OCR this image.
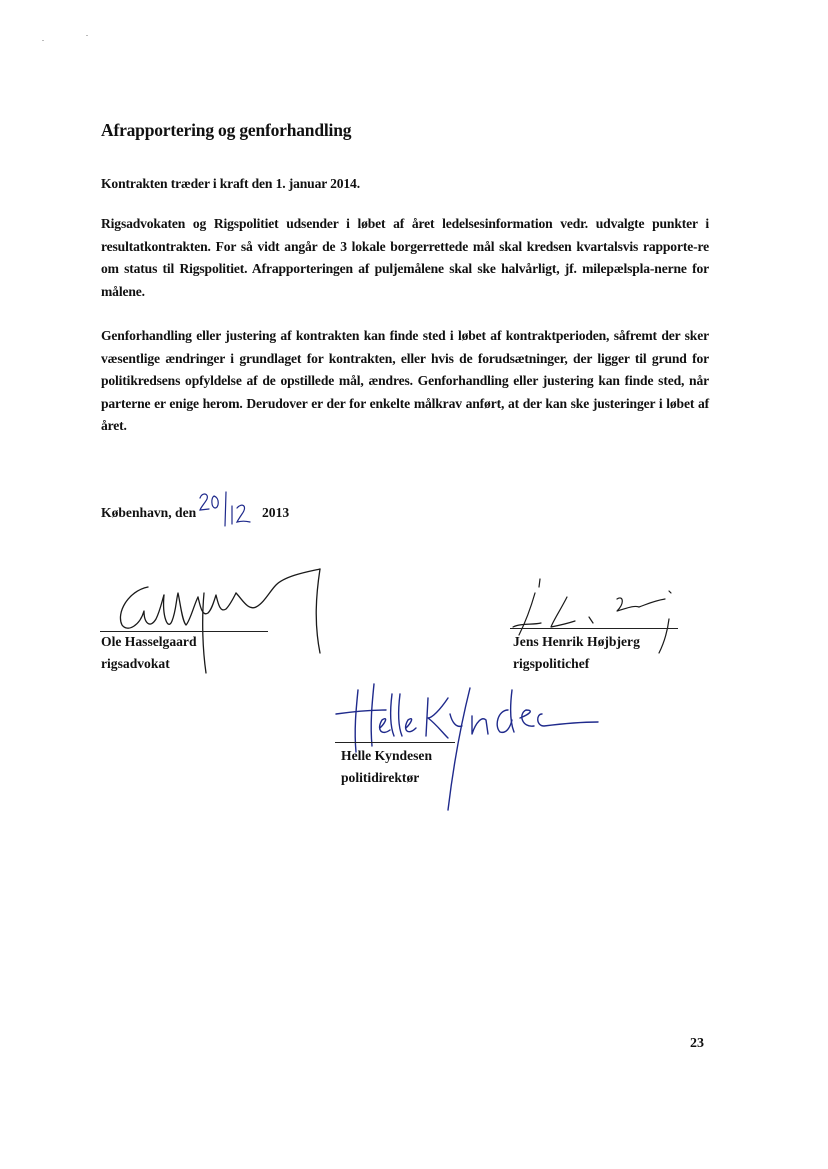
Afrapportering og genforhandling

Kontrakten træder i kraft den 1. januar 2014.

Rigsadvokaten og Rigspolitiet udsender i løbet af året ledelsesinformation vedr. udvalgte punkter i resultatkontrakten. For så vidt angår de 3 lokale borgerrettede mål skal kredsen kvartalsvis rapporte-re om status til Rigspolitiet. Afrapporteringen af puljemålene skal ske halvårligt, jf. milepælspla-nerne for målene.

Genforhandling eller justering af kontrakten kan finde sted i løbet af kontraktperioden, såfremt der sker væsentlige ændringer i grundlaget for kontrakten, eller hvis de forudsætninger, der ligger til grund for politikredsens opfyldelse af de opstillede mål, ændres. Genforhandling eller justering kan finde sted, når parterne er enige herom. Derudover er der for enkelte målkrav anført, at der kan ske justeringer i løbet af året.

København, den	2013
Ole Hasselgaard
rigsadvokat
Jens Henrik Højbjerg
rigspolitichef
Helle Kyndesen
politidirektør
23
